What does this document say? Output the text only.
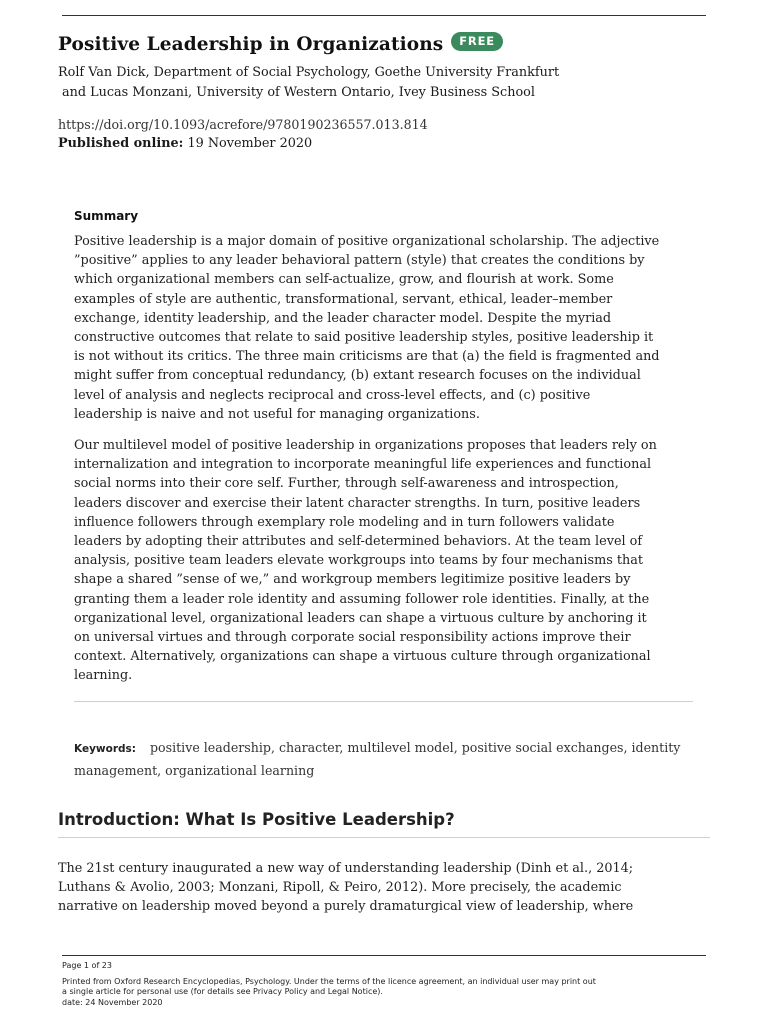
Positive Leadership in Organizations	FREE
Rolf Van Dick, Department of Social Psychology, Goethe University Frankfurt
and Lucas Monzani, University of Western Ontario, Ivey Business School
https://doi.org/10.1093/acrefore/9780190236557.013.814
Published online: 19 November 2020
Summary

Positive leadership is a major domain of positive organizational scholarship. The adjective
”positive” applies to any leader behavioral pattern (style) that creates the conditions by
which organizational members can self-actualize, grow, and flourish at work. Some
examples of style are authentic, transformational, servant, ethical, leader–member
exchange, identity leadership, and the leader character model. Despite the myriad
constructive outcomes that relate to said positive leadership styles, positive leadership it
is not without its critics. The three main criticisms are that (a) the field is fragmented and
might suffer from conceptual redundancy, (b) extant research focuses on the individual
level of analysis and neglects reciprocal and cross-level effects, and (c) positive
leadership is naive and not useful for managing organizations.

Our multilevel model of positive leadership in organizations proposes that leaders rely on
internalization and integration to incorporate meaningful life experiences and functional
social norms into their core self. Further, through self-awareness and introspection,
leaders discover and exercise their latent character strengths. In turn, positive leaders
influence followers through exemplary role modeling and in turn followers validate
leaders by adopting their attributes and self-determined behaviors. At the team level of
analysis, positive team leaders elevate workgroups into teams by four mechanisms that
shape a shared ”sense of we,” and workgroup members legitimize positive leaders by
granting them a leader role identity and assuming follower role identities. Finally, at the
organizational level, organizational leaders can shape a virtuous culture by anchoring it
on universal virtues and through corporate social responsibility actions improve their
context. Alternatively, organizations can shape a virtuous culture through organizational
learning.

Keywords: positive leadership, character, multilevel model, positive social exchanges, identity
management, organizational learning
Introduction: What Is Positive Leadership?
The 21st century inaugurated a new way of understanding leadership (Dinh et al., 2014;
Luthans & Avolio, 2003; Monzani, Ripoll, & Peiro, 2012). More precisely, the academic
narrative on leadership moved beyond a purely dramaturgical view of leadership, where
Page 1 of 23
Printed from Oxford Research Encyclopedias, Psychology. Under the terms of the licence agreement, an individual user may print out
a single article for personal use (for details see Privacy Policy and Legal Notice).
date: 24 November 2020
